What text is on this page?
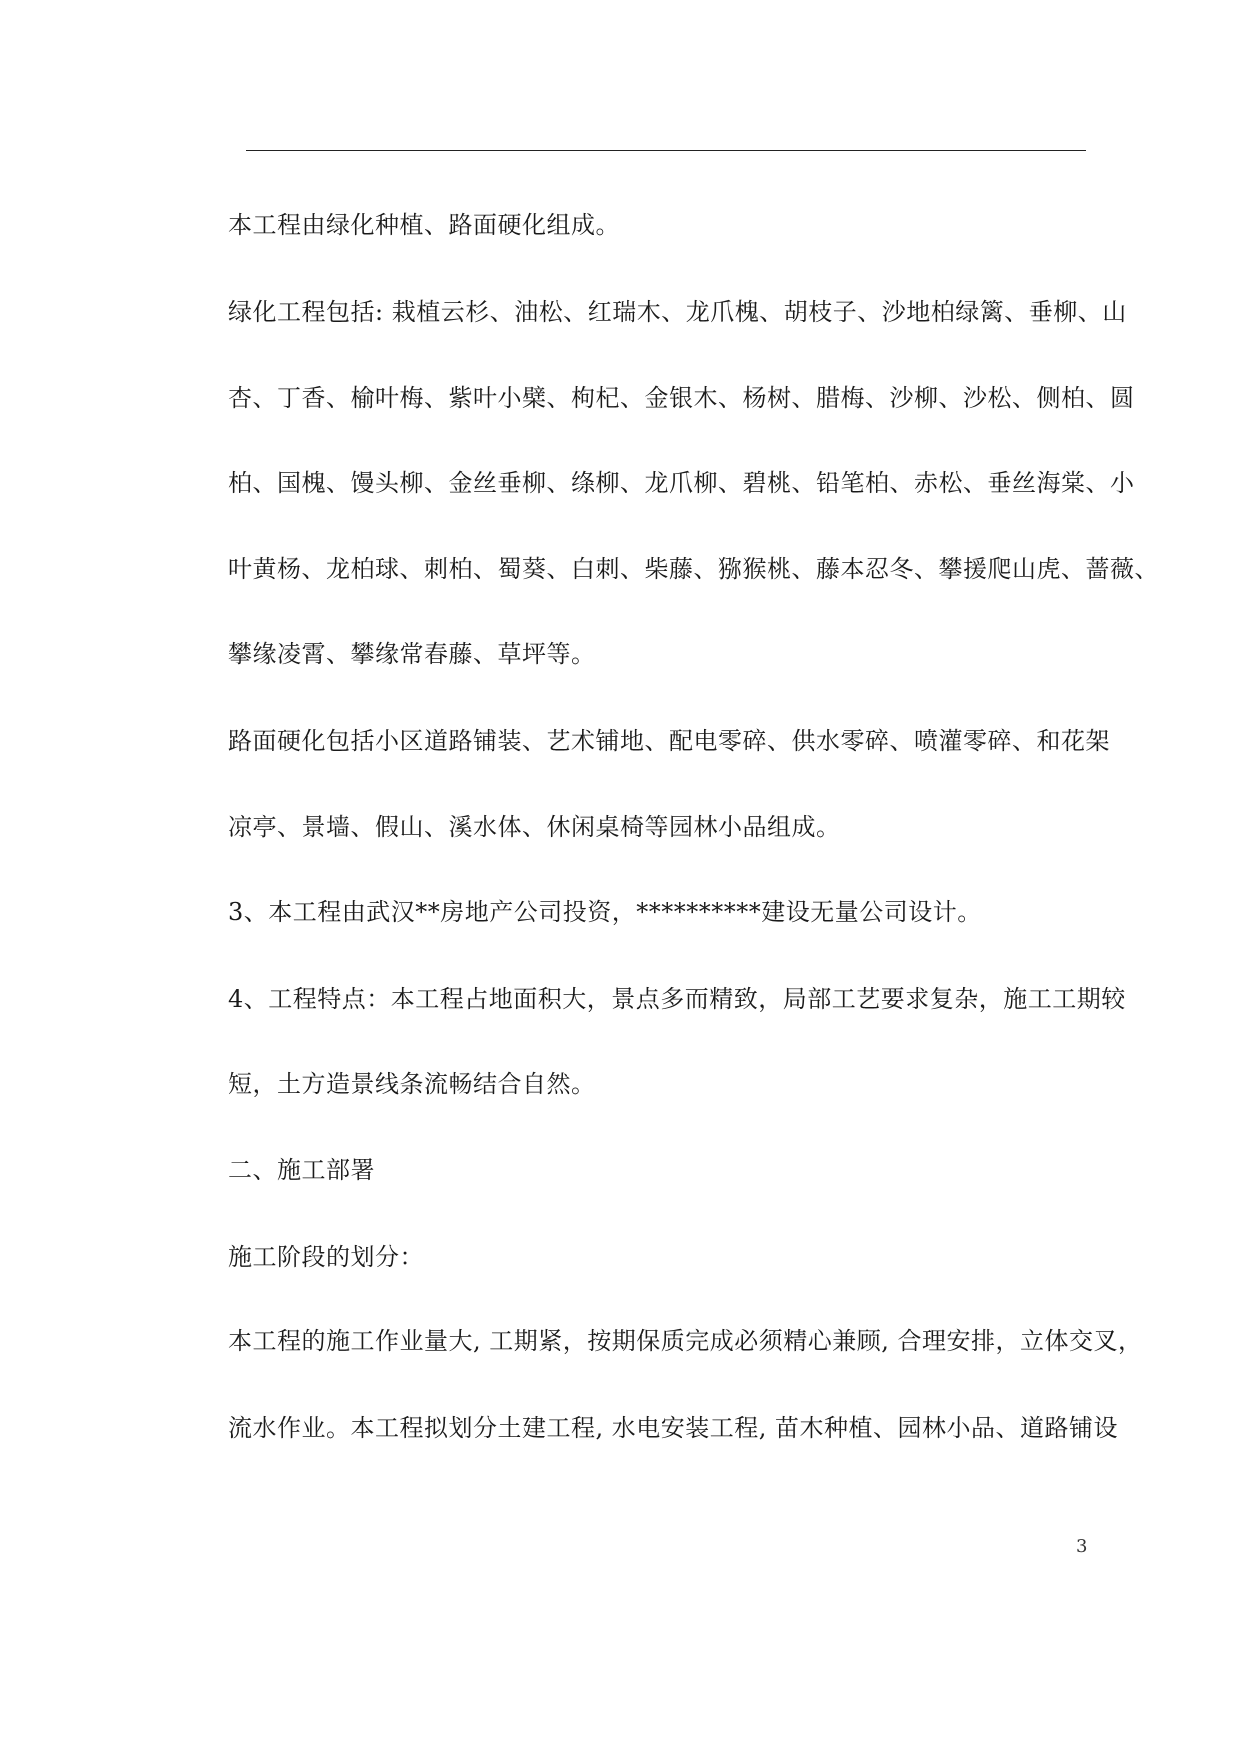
本工程由绿化种植、路面硬化组成。
绿化工程包括: 栽植云杉、油松、红瑞木、龙爪槐、胡枝子、沙地柏绿篱、垂柳、山
杏、丁香、榆叶梅、紫叶小檗、枸杞、金银木、杨树、腊梅、沙柳、沙松、侧柏、圆
柏、国槐、馒头柳、金丝垂柳、绦柳、龙爪柳、碧桃、铅笔柏、赤松、垂丝海棠、小
叶黄杨、龙柏球、刺柏、蜀葵、白刺、柴藤、猕猴桃、藤本忍冬、攀援爬山虎、蔷薇、
攀缘凌霄、攀缘常春藤、草坪等。
路面硬化包括小区道路铺装、艺术铺地、配电零碎、供水零碎、喷灌零碎、和花架
凉亭、景墙、假山、溪水体、休闲桌椅等园林小品组成。
3、本工程由武汉**房地产公司投资，**********建设无量公司设计。
4、工程特点：本工程占地面积大，景点多而精致，局部工艺要求复杂，施工工期较
短，土方造景线条流畅结合自然。
二、施工部署
施工阶段的划分：
本工程的施工作业量大, 工期紧，按期保质完成必须精心兼顾, 合理安排，立体交叉，
流水作业。本工程拟划分土建工程, 水电安装工程, 苗木种植、园林小品、道路铺设
3
